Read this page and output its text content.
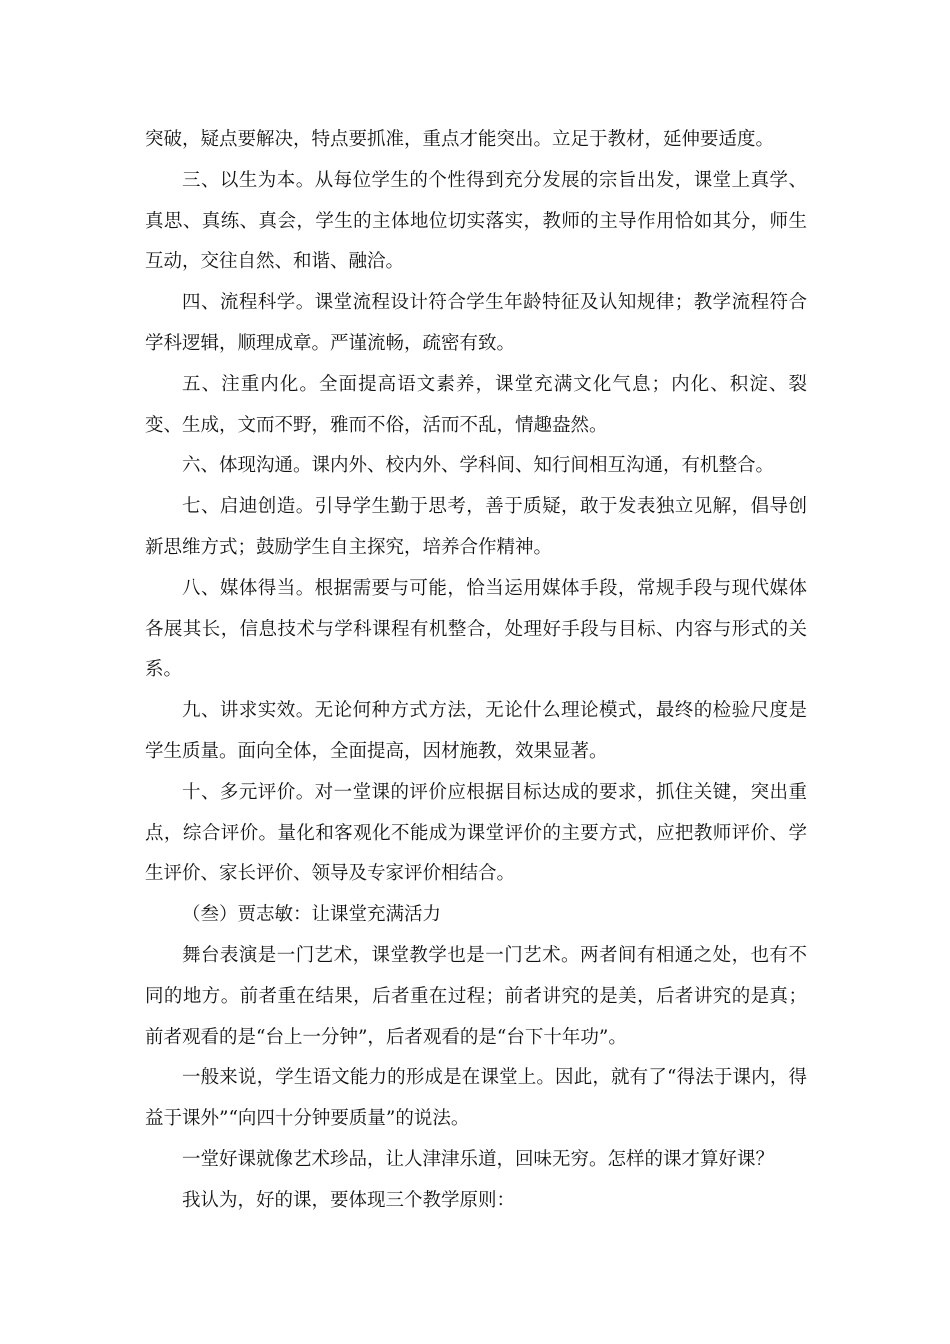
突破，疑点要解决，特点要抓准，重点才能突出。立足于教材，延伸要适度。

三、以生为本。从每位学生的个性得到充分发展的宗旨出发，课堂上真学、真思、真练、真会，学生的主体地位切实落实，教师的主导作用恰如其分，师生互动，交往自然、和谐、融洽。

四、流程科学。课堂流程设计符合学生年龄特征及认知规律；教学流程符合学科逻辑，顺理成章。严谨流畅，疏密有致。

五、注重内化。全面提高语文素养，课堂充满文化气息；内化、积淀、裂变、生成，文而不野，雅而不俗，活而不乱，情趣盎然。

六、体现沟通。课内外、校内外、学科间、知行间相互沟通，有机整合。

七、启迪创造。引导学生勤于思考，善于质疑，敢于发表独立见解，倡导创新思维方式；鼓励学生自主探究，培养合作精神。

八、媒体得当。根据需要与可能，恰当运用媒体手段，常规手段与现代媒体各展其长，信息技术与学科课程有机整合，处理好手段与目标、内容与形式的关系。

九、讲求实效。无论何种方式方法，无论什么理论模式，最终的检验尺度是学生质量。面向全体，全面提高，因材施教，效果显著。

十、多元评价。对一堂课的评价应根据目标达成的要求，抓住关键，突出重点，综合评价。量化和客观化不能成为课堂评价的主要方式，应把教师评价、学生评价、家长评价、领导及专家评价相结合。

（叁）贾志敏：让课堂充满活力

舞台表演是一门艺术，课堂教学也是一门艺术。两者间有相通之处，也有不同的地方。前者重在结果，后者重在过程；前者讲究的是美，后者讲究的是真；前者观看的是“台上一分钟”，后者观看的是“台下十年功”。

一般来说，学生语文能力的形成是在课堂上。因此，就有了“得法于课内，得益于课外”“向四十分钟要质量”的说法。

一堂好课就像艺术珍品，让人津津乐道，回味无穷。怎样的课才算好课？

我认为，好的课，要体现三个教学原则：
